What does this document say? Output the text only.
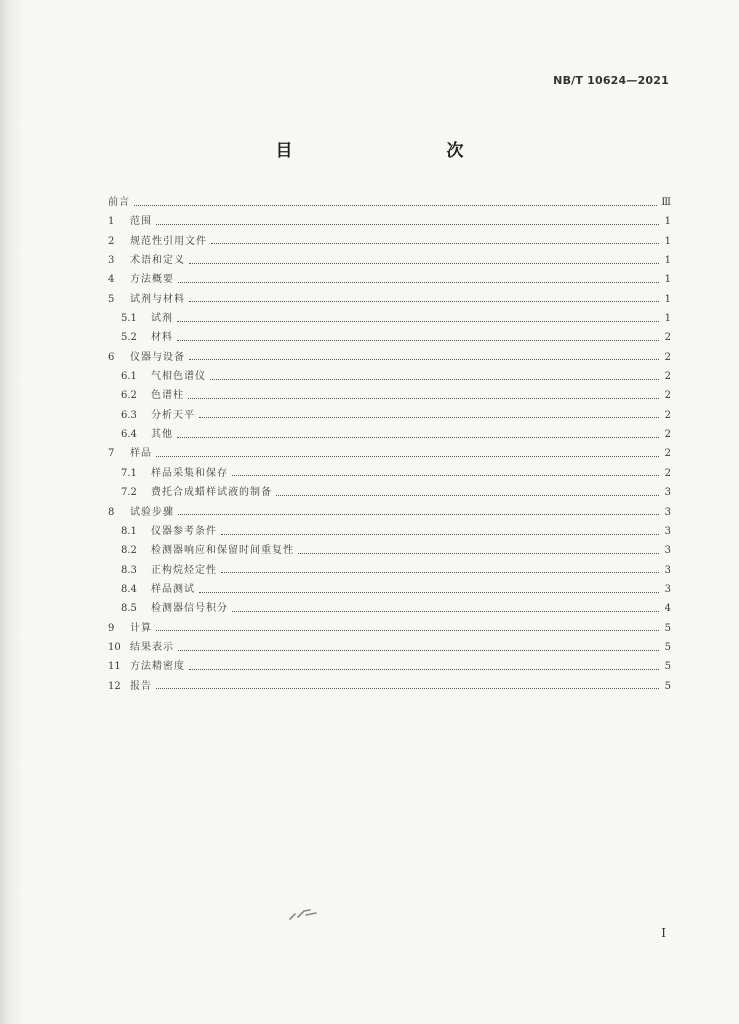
NB/T 10624—2021
目　　次
前言	Ⅲ
1	范围	1
2	规范性引用文件	1
3	术语和定义	1
4	方法概要	1
5	试剂与材料	1
5.1	试剂	1
5.2	材料	2
6	仪器与设备	2
6.1	气相色谱仪	2
6.2	色谱柱	2
6.3	分析天平	2
6.4	其他	2
7	样品	2
7.1	样品采集和保存	2
7.2	费托合成蜡样试液的制备	3
8	试验步骤	3
8.1	仪器参考条件	3
8.2	检测器响应和保留时间重复性	3
8.3	正构烷烃定性	3
8.4	样品测试	3
8.5	检测器信号积分	4
9	计算	5
10 结果表示	5
11 方法精密度	5
12 报告	5
I
